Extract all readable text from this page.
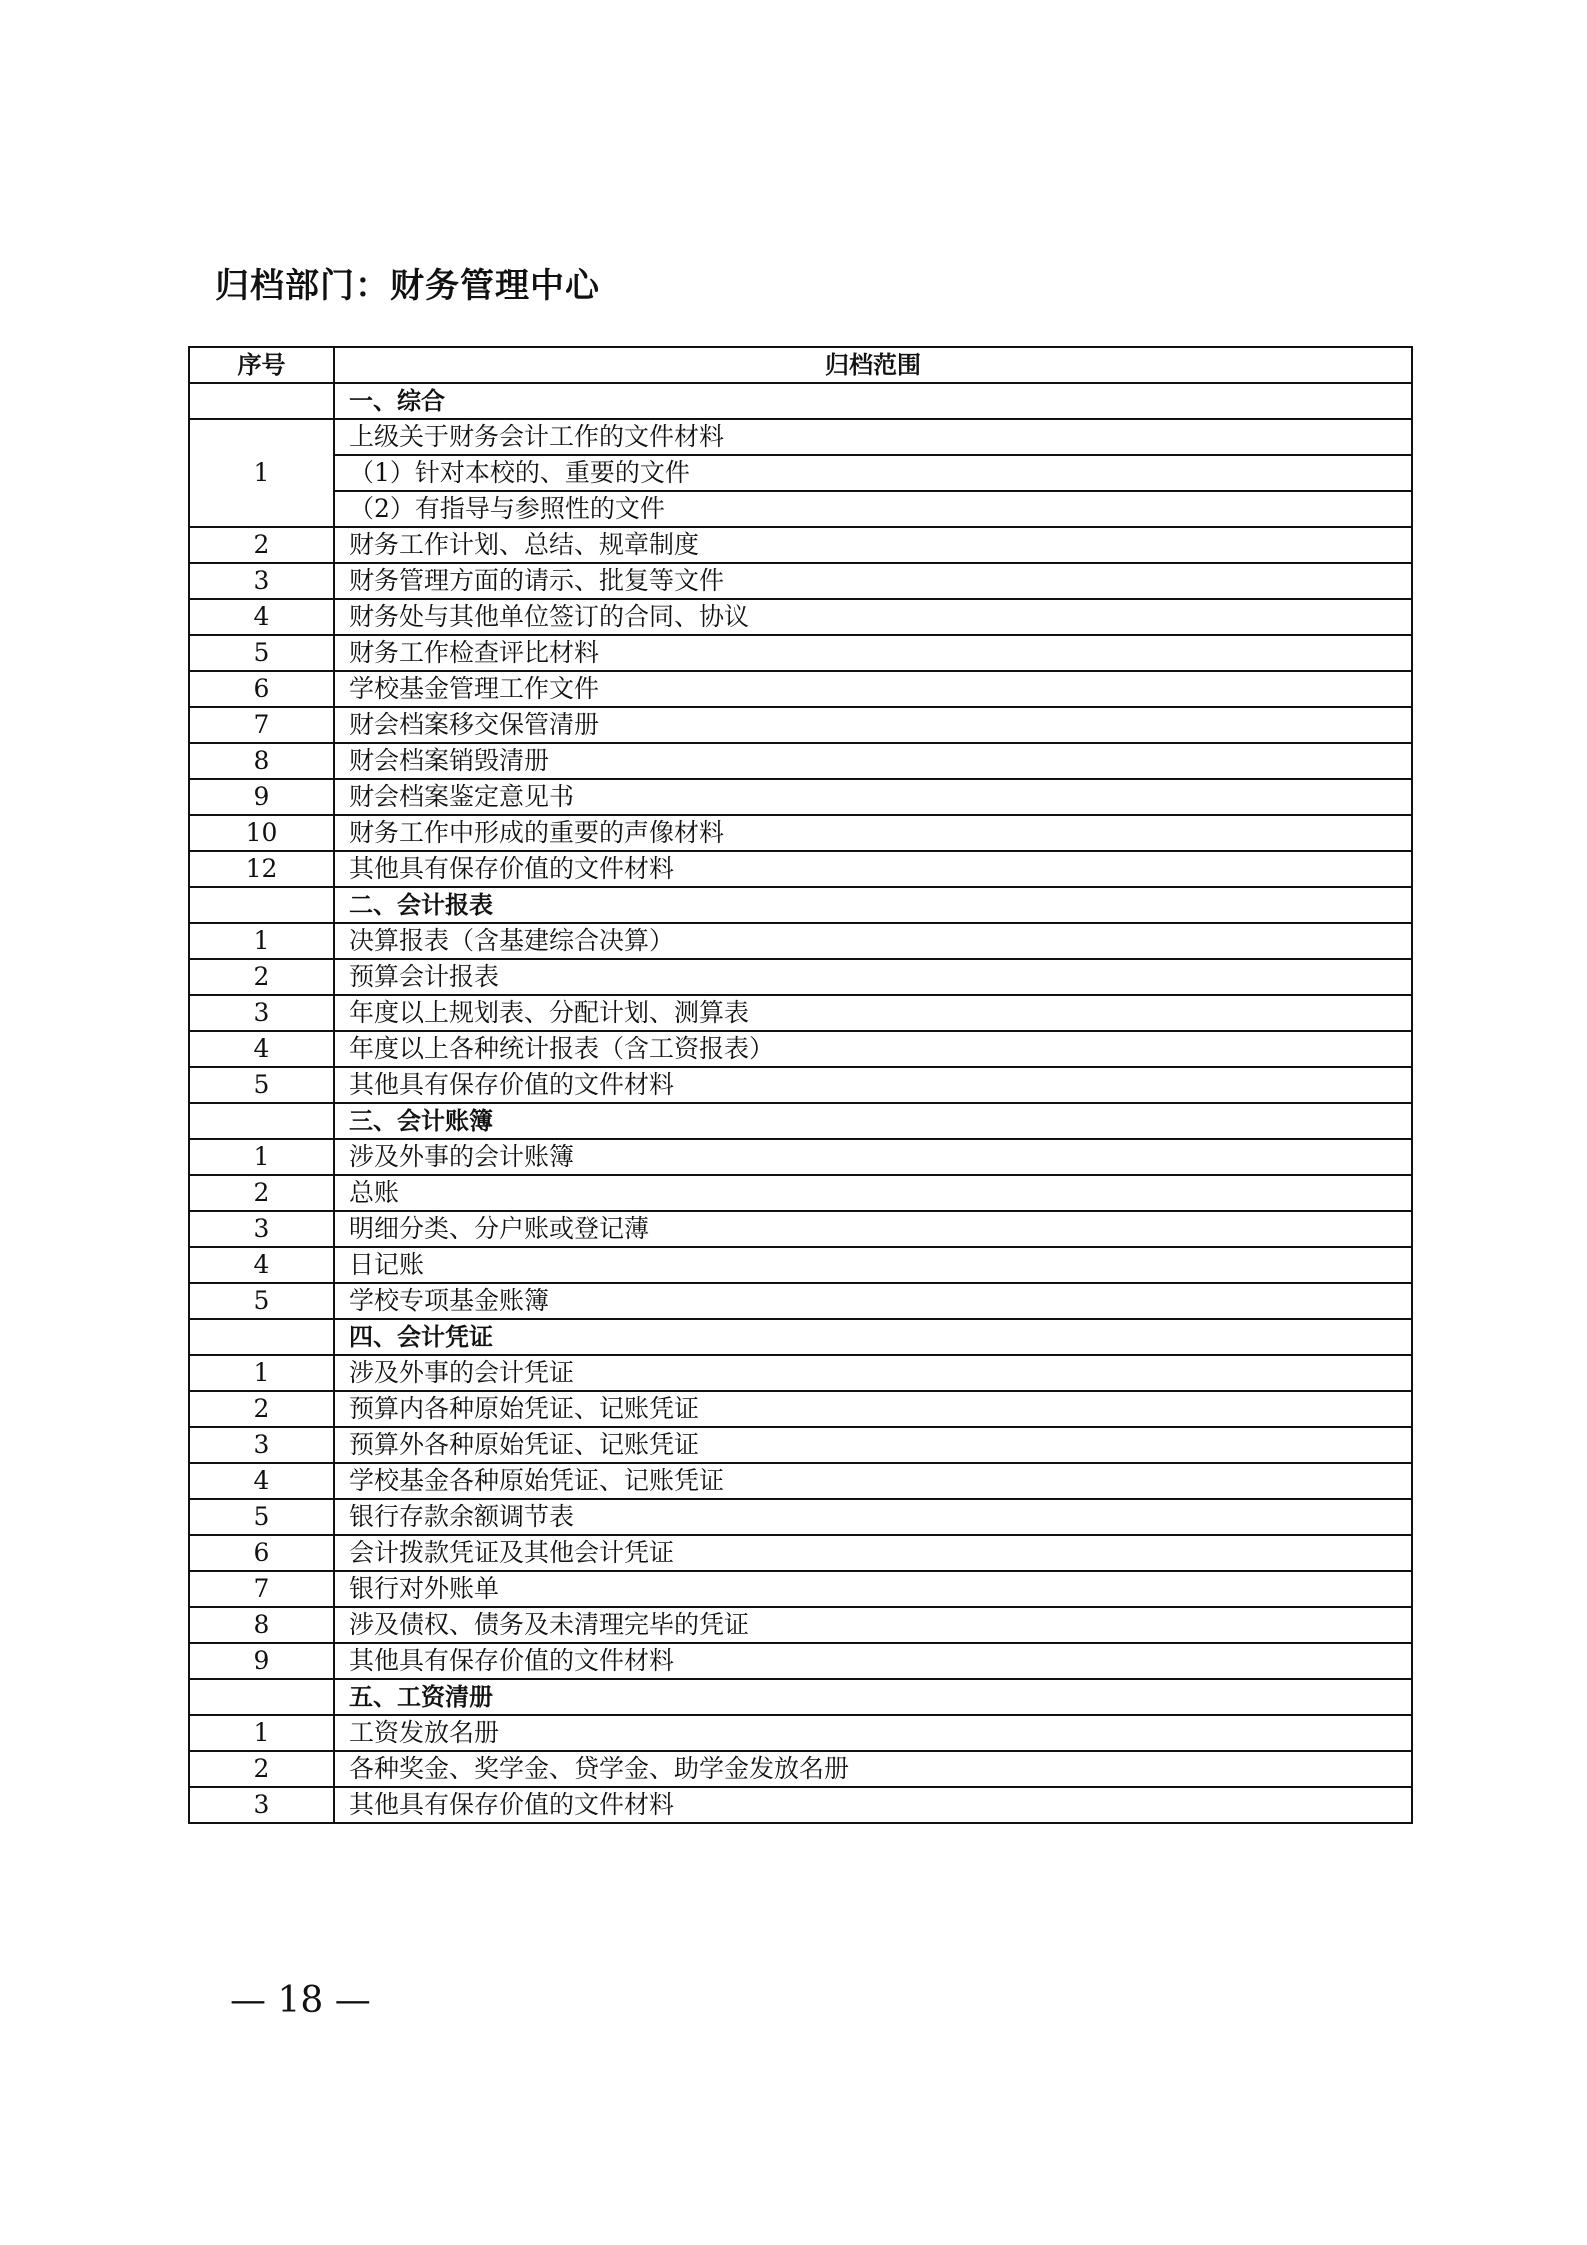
归档部门：财务管理中心
序号	归档范围
	一、综合
1	上级关于财务会计工作的文件材料
	（1）针对本校的、重要的文件
	（2）有指导与参照性的文件
2	财务工作计划、总结、规章制度
3	财务管理方面的请示、批复等文件
4	财务处与其他单位签订的合同、协议
5	财务工作检查评比材料
6	学校基金管理工作文件
7	财会档案移交保管清册
8	财会档案销毁清册
9	财会档案鉴定意见书
10	财务工作中形成的重要的声像材料
12	其他具有保存价值的文件材料
	二、会计报表
1	决算报表（含基建综合决算）
2	预算会计报表
3	年度以上规划表、分配计划、测算表
4	年度以上各种统计报表（含工资报表）
5	其他具有保存价值的文件材料
	三、会计账簿
1	涉及外事的会计账簿
2	总账
3	明细分类、分户账或登记薄
4	日记账
5	学校专项基金账簿
	四、会计凭证
1	涉及外事的会计凭证
2	预算内各种原始凭证、记账凭证
3	预算外各种原始凭证、记账凭证
4	学校基金各种原始凭证、记账凭证
5	银行存款余额调节表
6	会计拨款凭证及其他会计凭证
7	银行对外账单
8	涉及债权、债务及未清理完毕的凭证
9	其他具有保存价值的文件材料
	五、工资清册
1	工资发放名册
2	各种奖金、奖学金、贷学金、助学金发放名册
3	其他具有保存价值的文件材料
— 18 —
